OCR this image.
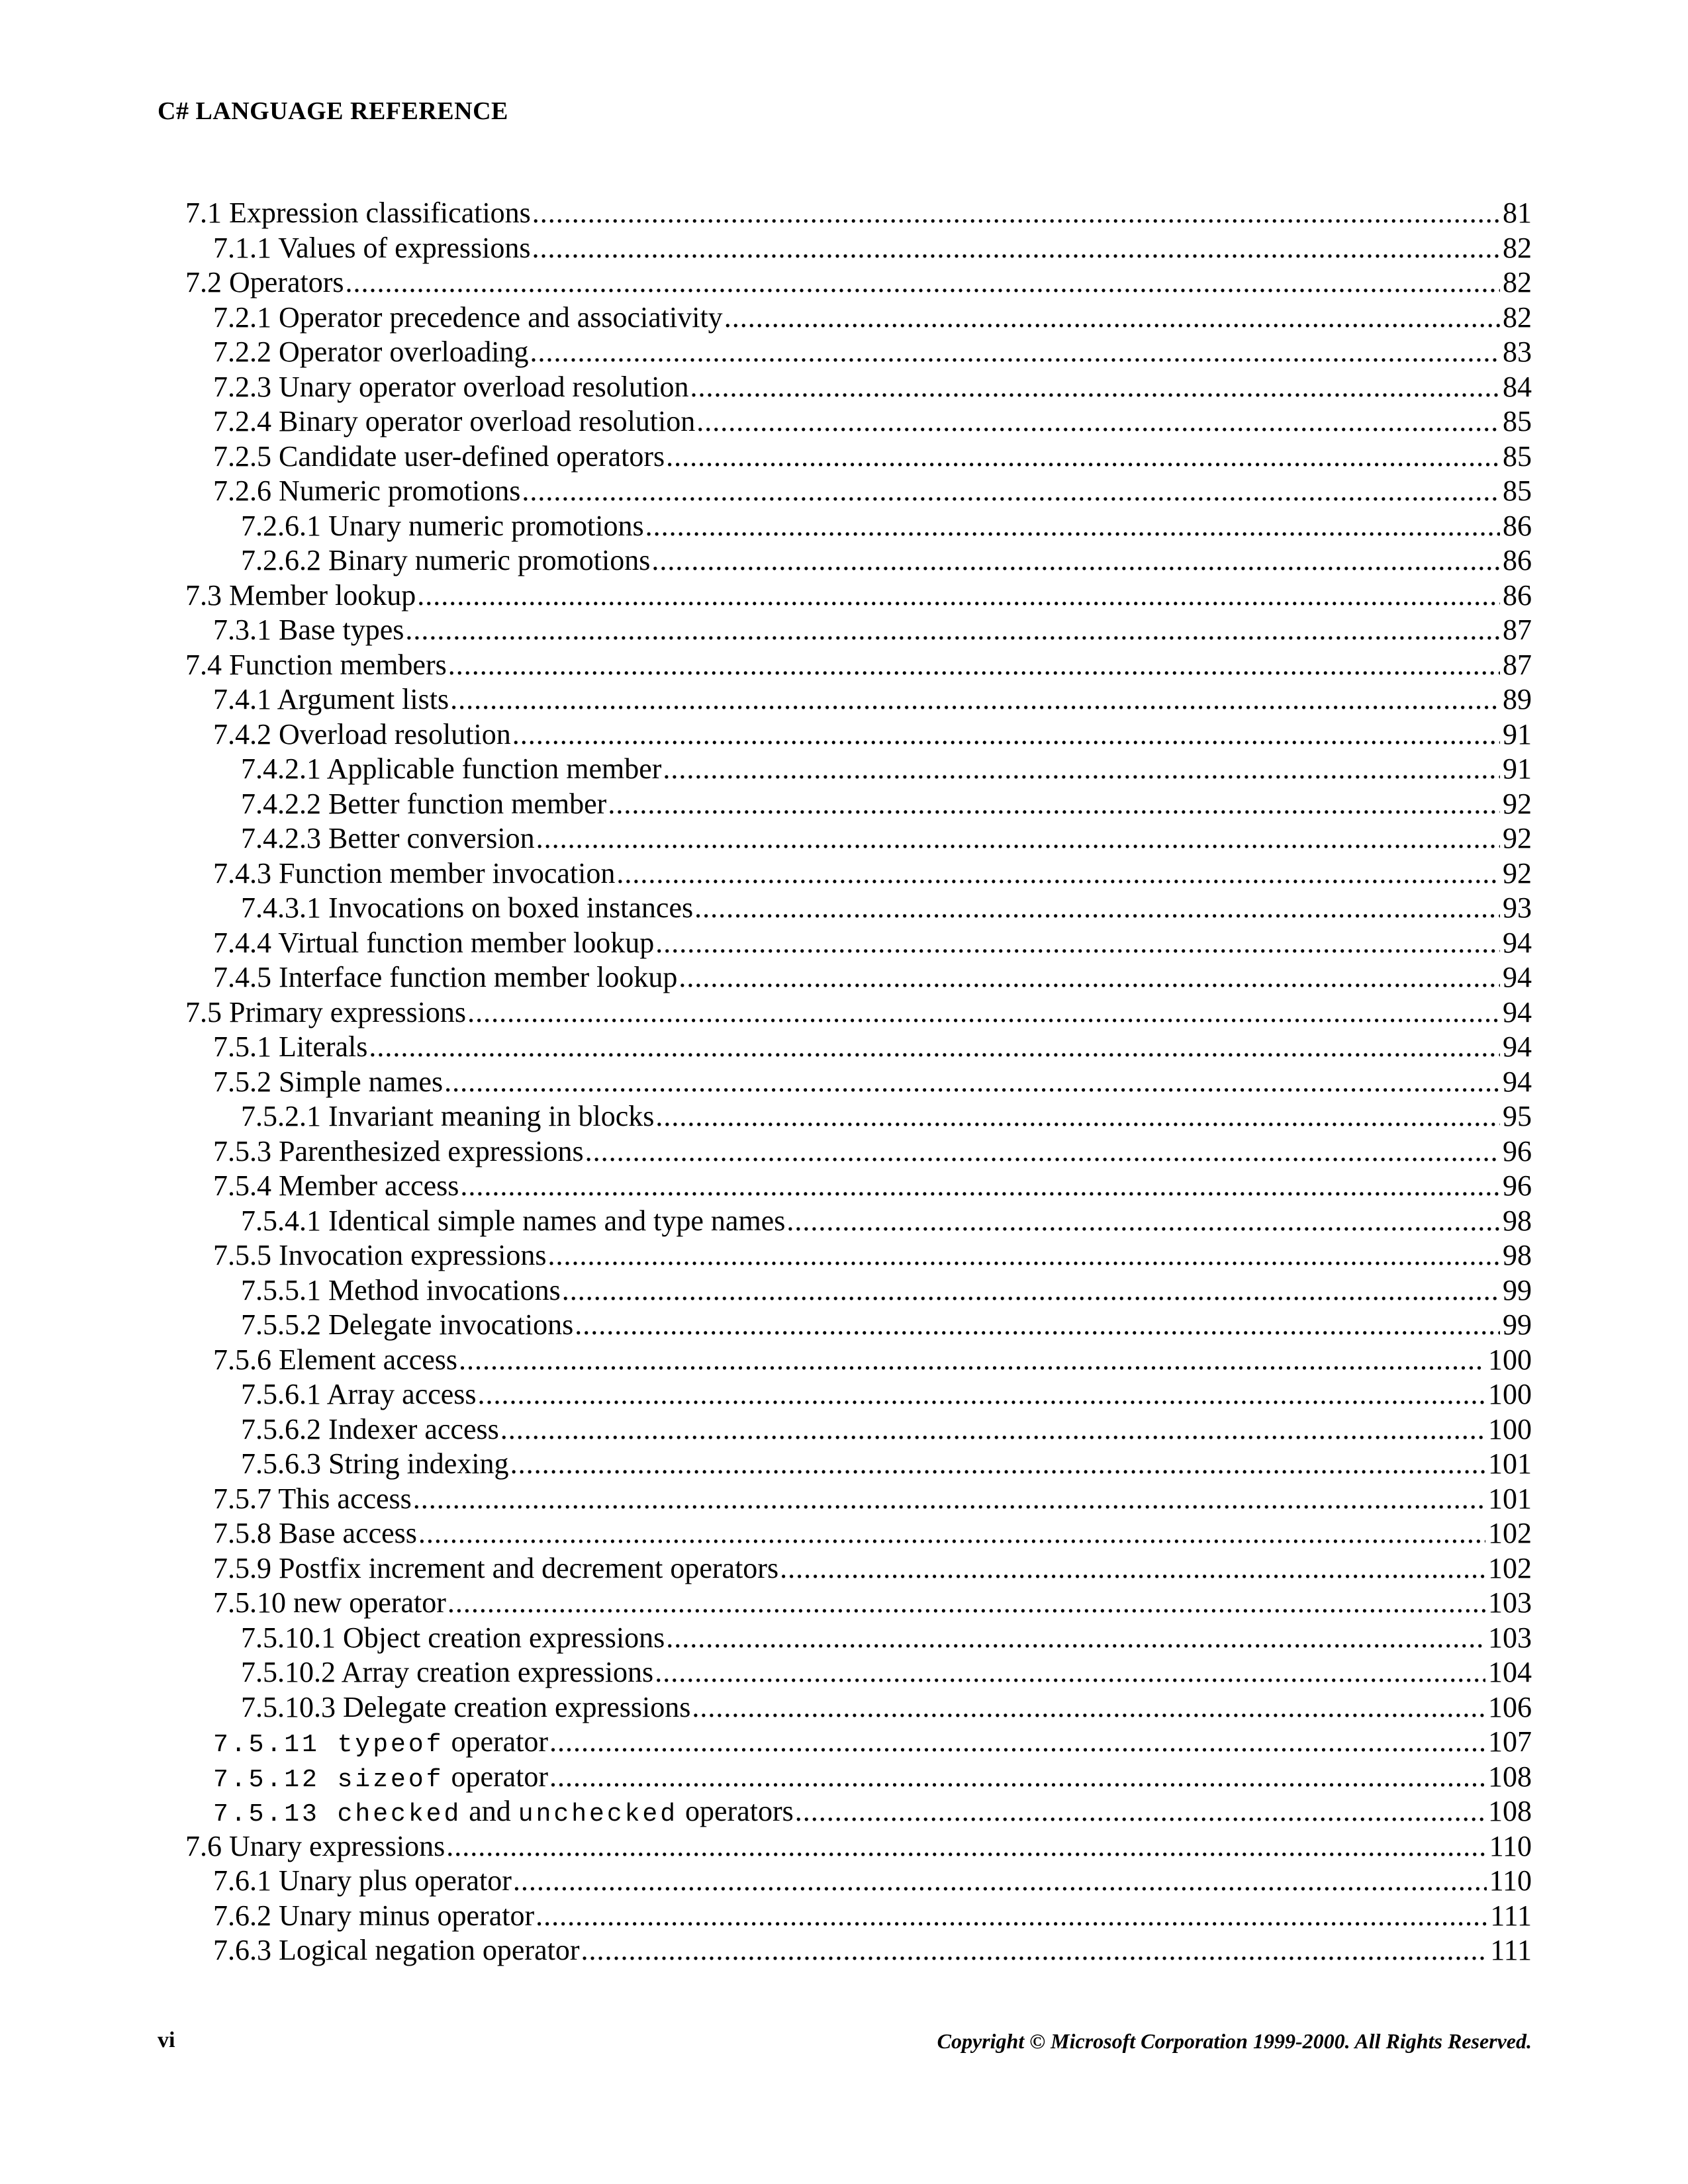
C# LANGUAGE REFERENCE
7.1 Expression classifications .....	81
7.1.1 Values of expressions .....	82
7.2 Operators .....	82
7.2.1 Operator precedence and associativity .....	82
7.2.2 Operator overloading .....	83
7.2.3 Unary operator overload resolution .....	84
7.2.4 Binary operator overload resolution .....	85
7.2.5 Candidate user-defined operators .....	85
7.2.6 Numeric promotions .....	85
7.2.6.1 Unary numeric promotions .....	86
7.2.6.2 Binary numeric promotions .....	86
7.3 Member lookup .....	86
7.3.1 Base types .....	87
7.4 Function members .....	87
7.4.1 Argument lists .....	89
7.4.2 Overload resolution .....	91
7.4.2.1 Applicable function member .....	91
7.4.2.2 Better function member .....	92
7.4.2.3 Better conversion .....	92
7.4.3 Function member invocation .....	92
7.4.3.1 Invocations on boxed instances .....	93
7.4.4 Virtual function member lookup .....	94
7.4.5 Interface function member lookup .....	94
7.5 Primary expressions .....	94
7.5.1 Literals .....	94
7.5.2 Simple names .....	94
7.5.2.1 Invariant meaning in blocks .....	95
7.5.3 Parenthesized expressions .....	96
7.5.4 Member access .....	96
7.5.4.1 Identical simple names and type names .....	98
7.5.5 Invocation expressions .....	98
7.5.5.1 Method invocations .....	99
7.5.5.2 Delegate invocations .....	99
7.5.6 Element access .....	100
7.5.6.1 Array access .....	100
7.5.6.2 Indexer access .....	100
7.5.6.3 String indexing .....	101
7.5.7 This access .....	101
7.5.8 Base access .....	102
7.5.9 Postfix increment and decrement operators .....	102
7.5.10 new operator .....	103
7.5.10.1 Object creation expressions .....	103
7.5.10.2 Array creation expressions .....	104
7.5.10.3 Delegate creation expressions .....	106
7.5.11 typeof operator .....	107
7.5.12 sizeof operator .....	108
7.5.13 checked and unchecked operators .....	108
7.6 Unary expressions .....	110
7.6.1 Unary plus operator .....	110
7.6.2 Unary minus operator .....	111
7.6.3 Logical negation operator .....	111
vi	Copyright © Microsoft Corporation 1999-2000. All Rights Reserved.
